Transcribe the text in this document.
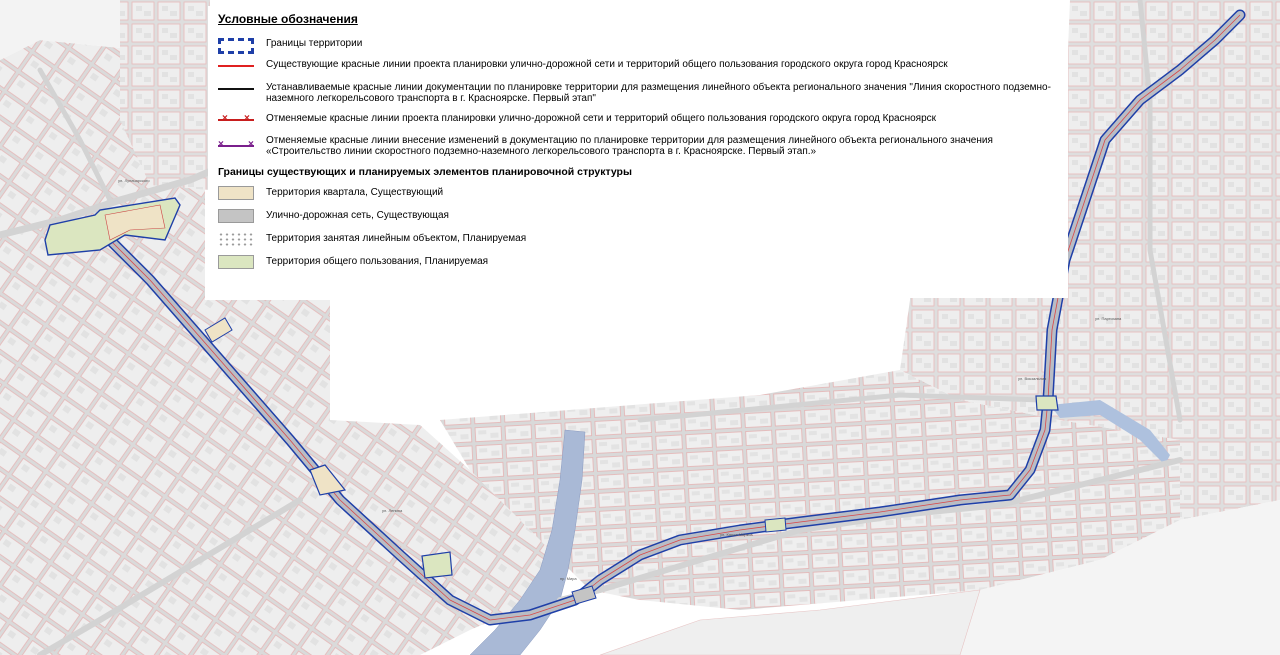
ул. Луначарского
ул. Ленина
ул. Карла Маркса
ул. Вокзальная
ул. Партизана
пр. Мира
Условные обозначения
Границы территории
Существующие красные линии проекта планировки улично-дорожной сети и территорий общего пользования городского округа город Красноярск
Устанавливаемые красные линии документации по планировке территории для размещения линейного объекта регионального значения "Линия скоростного подземно-наземного легкорельсового транспорта в г. Красноярске. Первый этап"
× × Отменяемые красные линии проекта планировки улично-дорожной сети и территорий общего пользования городского округа город Красноярск
× × Отменяемые красные линии внесение изменений в документацию по планировке территории для размещения линейного объекта регионального значения «Строительство линии скоростного подземно-наземного легкорельсового транспорта в г. Красноярске. Первый этап.»
Границы существующих и планируемых элементов планировочной структуры
Территория квартала, Существующий
Улично-дорожная сеть, Существующая
Территория занятая линейным объектом, Планируемая
Территория общего пользования, Планируемая
